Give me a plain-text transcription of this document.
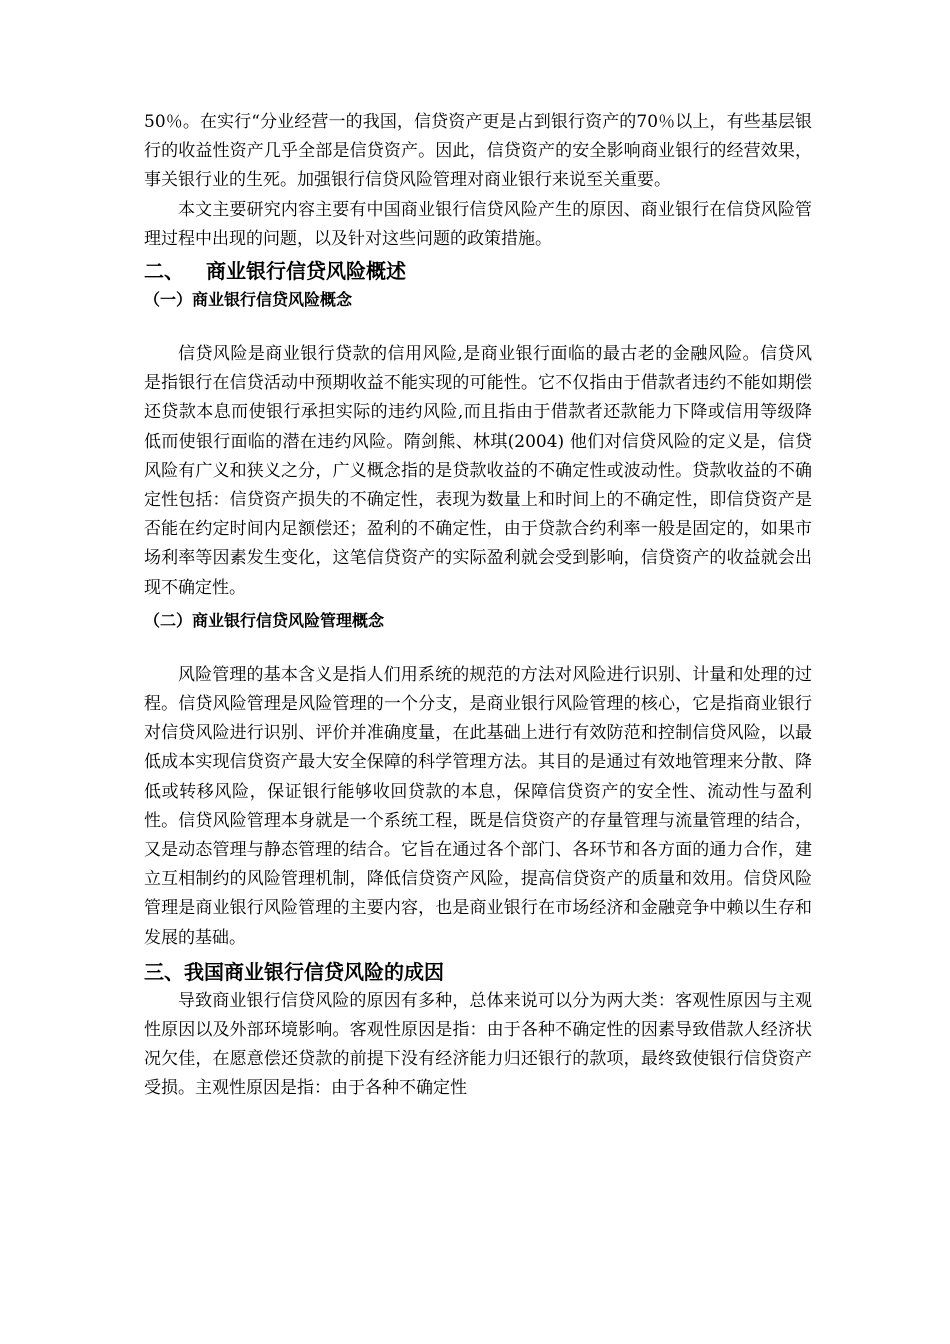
50％。在实行“分业经营一的我国，信贷资产更是占到银行资产的70％以上，有些基层银行的收益性资产几乎全部是信贷资产。因此，信贷资产的安全影响商业银行的经营效果，事关银行业的生死。加强银行信贷风险管理对商业银行来说至关重要。

本文主要研究内容主要有中国商业银行信贷风险产生的原因、商业银行在信贷风险管理过程中出现的问题，以及针对这些问题的政策措施。

二、 商业银行信贷风险概述
（一）商业银行信贷风险概念

信贷风险是商业银行贷款的信用风险,是商业银行面临的最古老的金融风险。信贷风是指银行在信贷活动中预期收益不能实现的可能性。它不仅指由于借款者违约不能如期偿还贷款本息而使银行承担实际的违约风险,而且指由于借款者还款能力下降或信用等级降低而使银行面临的潜在违约风险。隋剑熊、林琪(2004) 他们对信贷风险的定义是，信贷风险有广义和狭义之分，广义概念指的是贷款收益的不确定性或波动性。贷款收益的不确定性包括：信贷资产损失的不确定性，表现为数量上和时间上的不确定性，即信贷资产是否能在约定时间内足额偿还；盈利的不确定性，由于贷款合约利率一般是固定的，如果市场利率等因素发生变化，这笔信贷资产的实际盈利就会受到影响，信贷资产的收益就会出现不确定性。

（二）商业银行信贷风险管理概念

风险管理的基本含义是指人们用系统的规范的方法对风险进行识别、计量和处理的过程。信贷风险管理是风险管理的一个分支，是商业银行风险管理的核心，它是指商业银行对信贷风险进行识别、评价并准确度量，在此基础上进行有效防范和控制信贷风险，以最低成本实现信贷资产最大安全保障的科学管理方法。其目的是通过有效地管理来分散、降低或转移风险，保证银行能够收回贷款的本息，保障信贷资产的安全性、流动性与盈利性。信贷风险管理本身就是一个系统工程，既是信贷资产的存量管理与流量管理的结合，又是动态管理与静态管理的结合。它旨在通过各个部门、各环节和各方面的通力合作，建立互相制约的风险管理机制，降低信贷资产风险，提高信贷资产的质量和效用。信贷风险管理是商业银行风险管理的主要内容，也是商业银行在市场经济和金融竞争中赖以生存和发展的基础。

三、我国商业银行信贷风险的成因

导致商业银行信贷风险的原因有多种，总体来说可以分为两大类：客观性原因与主观性原因以及外部环境影响。客观性原因是指：由于各种不确定性的因素导致借款人经济状况欠佳，在愿意偿还贷款的前提下没有经济能力归还银行的款项，最终致使银行信贷资产受损。主观性原因是指：由于各种不确定性
